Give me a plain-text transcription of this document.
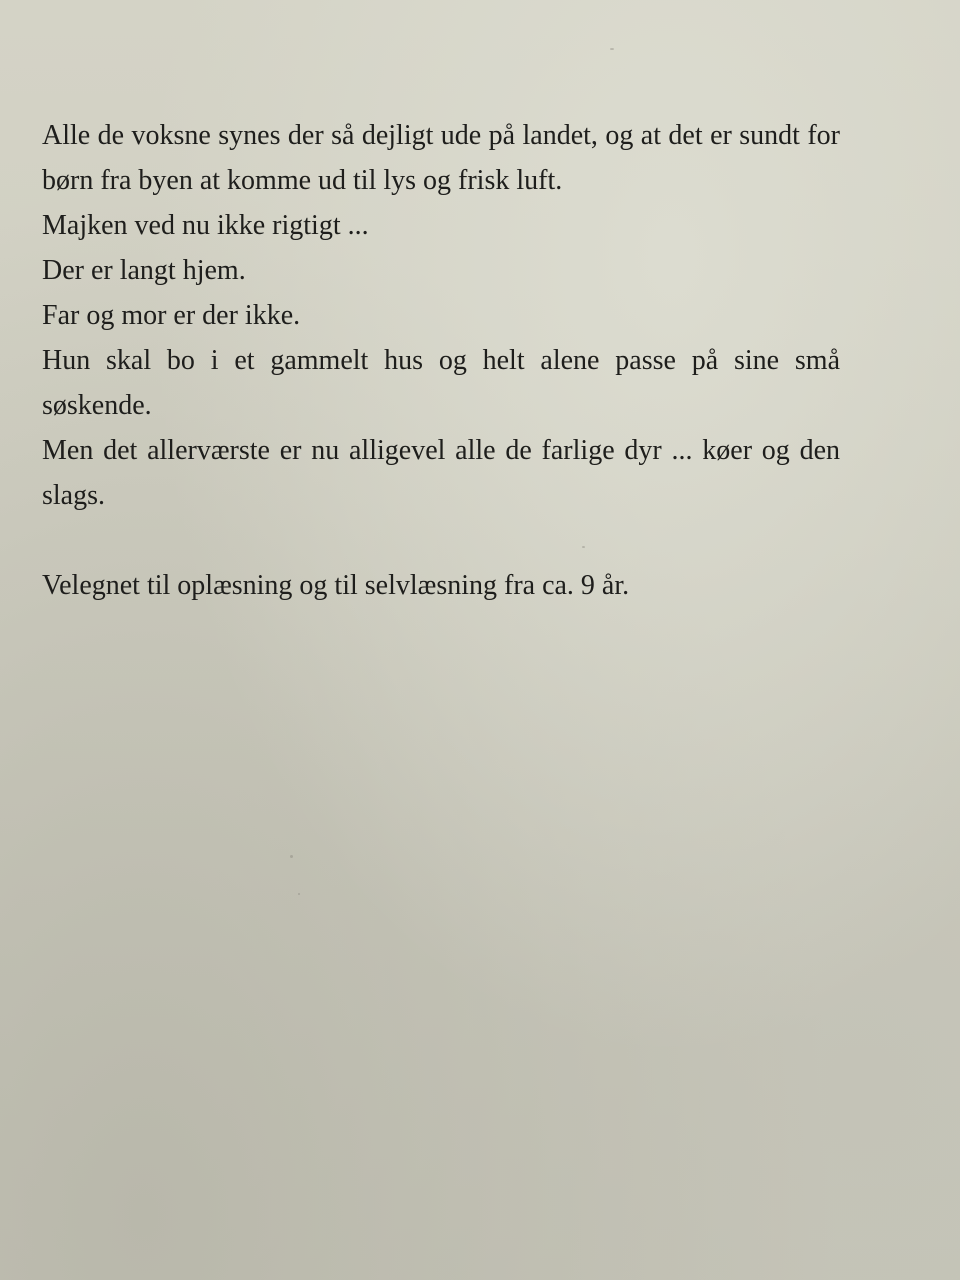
Alle de voksne synes der så dejligt ude på landet, og at det er sundt for børn fra byen at komme ud til lys og frisk luft.

Majken ved nu ikke rigtigt ...

Der er langt hjem.

Far og mor er der ikke.

Hun skal bo i et gammelt hus og helt alene passe på sine små søskende.

Men det allerværste er nu alligevel alle de farlige dyr ... køer og den slags.

Velegnet til oplæsning og til selvlæsning fra ca. 9 år.
